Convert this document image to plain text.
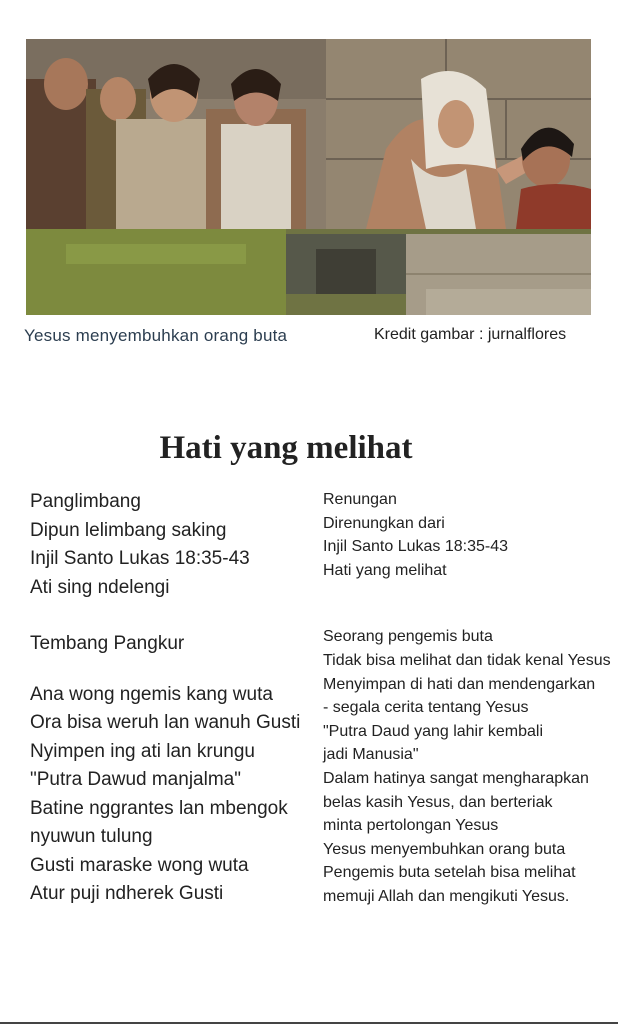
Yesus menyembuhkan orang buta	Kredit gambar : jurnalflores
Hati yang melihat
Panglimbang
Dipun lelimbang saking
Injil Santo Lukas 18:35-43
Ati sing ndelengi
Tembang Pangkur
Ana wong ngemis kang wuta
Ora bisa weruh lan wanuh Gusti
Nyimpen ing ati lan krungu
"Putra Dawud manjalma"
Batine nggrantes lan mbengok
nyuwun tulung
Gusti maraske wong wuta
Atur puji ndherek Gusti
Renungan
Direnungkan dari
Injil Santo Lukas 18:35-43
Hati yang melihat
Seorang pengemis buta
Tidak bisa melihat dan tidak kenal Yesus
Menyimpan di hati dan mendengarkan
- segala cerita tentang Yesus
"Putra Daud yang lahir kembali
jadi Manusia"
Dalam hatinya sangat mengharapkan
belas kasih Yesus, dan berteriak
minta pertolongan Yesus
Yesus menyembuhkan orang buta
Pengemis buta setelah bisa melihat
memuji Allah dan mengikuti Yesus.
